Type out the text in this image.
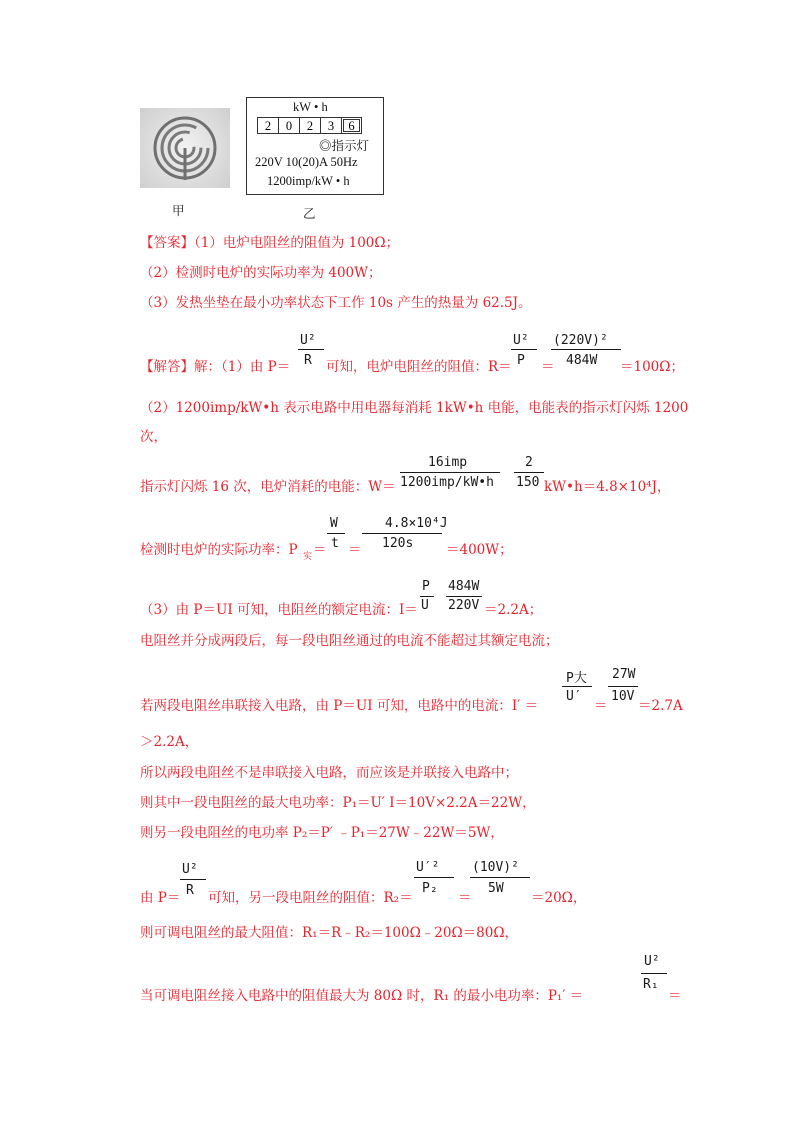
甲
kW • h
2	0	2	3	6
◎指示灯
220V 10(20)A 50Hz
1200imp/kW • h
乙
【答案】（1）电炉电阻丝的阻值为 100Ω；
（2）检测时电炉的实际功率为 400W；
（3）发热坐垫在最小功率状态下工作 10s 产生的热量为 62.5J。
【解答】解：（1）由 P＝
U²
R 可知，电炉电阻丝的阻值：R＝
U²
P ＝
(220V)²
484W ＝100Ω；
（2）1200imp/kW•h 表示电路中用电器每消耗 1kW•h 电能，电能表的指示灯闪烁 1200
次，
指示灯闪烁 16 次，电炉消耗的电能：W＝
16imp
1200imp/kW•h
2
150 kW•h＝4.8×10⁴J，
检测时电炉的实际功率：P 实 ＝
W
t ＝
4.8×10⁴J
120s ＝400W；
（3）由 P＝UI 可知，电阻丝的额定电流：I＝
P
U
484W
220V ＝2.2A；
电阻丝并分成两段后，每一段电阻丝通过的电流不能超过其额定电流；
若两段电阻丝串联接入电路，由 P＝UI 可知，电路中的电流：I′ ＝
P大
U′
＝
27W
10V
＝2.7A
＞2.2A，
所以两段电阻丝不是串联接入电路，而应该是并联接入电路中；
则其中一段电阻丝的最大电功率：P₁＝U′ I＝10V×2.2A＝22W，
则另一段电阻丝的电功率 P₂＝P′ ﹣P₁＝27W﹣22W＝5W，
由 P＝
U²
R 可知，另一段电阻丝的阻值：R₂＝
U′²
P₂
＝
(10V)²
5W
＝20Ω，
则可调电阻丝的最大阻值：R₁＝R﹣R₂＝100Ω﹣20Ω＝80Ω，
当可调电阻丝接入电路中的阻值最大为 80Ω 时，R₁ 的最小电功率：P₁′ ＝
U²
R₁
＝
